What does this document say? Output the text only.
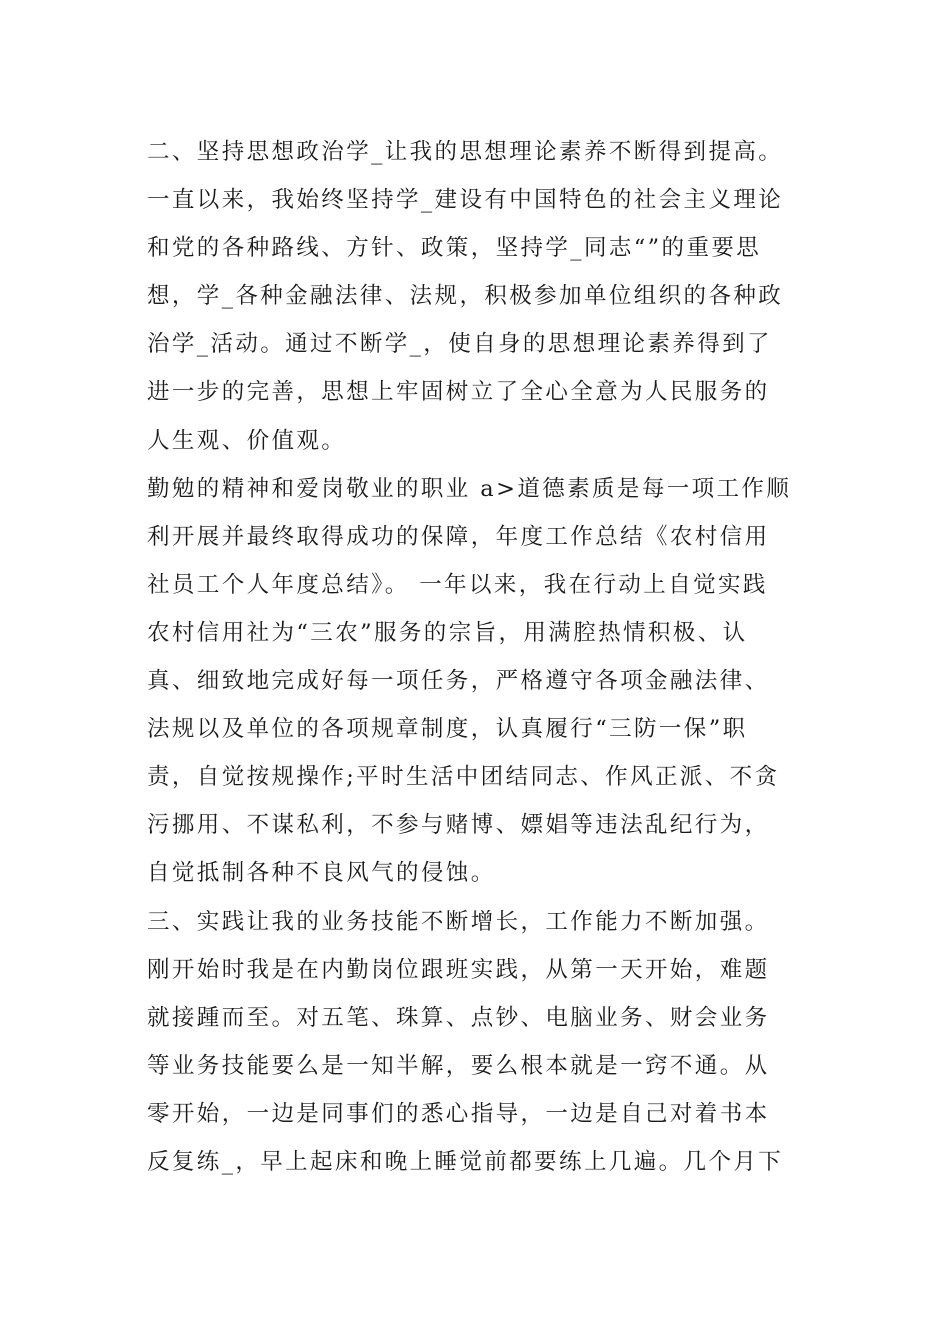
二、坚持思想政治学_让我的思想理论素养不断得到提高。
一直以来，我始终坚持学_建设有中国特色的社会主义理论
和党的各种路线、方针、政策，坚持学_同志“”的重要思
想，学_各种金融法律、法规，积极参加单位组织的各种政
治学_活动。通过不断学_，使自身的思想理论素养得到了
进一步的完善，思想上牢固树立了全心全意为人民服务的
人生观、价值观。
勤勉的精神和爱岗敬业的职业 a>道德素质是每一项工作顺
利开展并最终取得成功的保障，年度工作总结《农村信用
社员工个人年度总结》。 一年以来，我在行动上自觉实践
农村信用社为“三农”服务的宗旨，用满腔热情积极、认
真、细致地完成好每一项任务，严格遵守各项金融法律、
法规以及单位的各项规章制度，认真履行“三防一保”职
责，自觉按规操作;平时生活中团结同志、作风正派、不贪
污挪用、不谋私利，不参与赌博、嫖娼等违法乱纪行为，
自觉抵制各种不良风气的侵蚀。
三、实践让我的业务技能不断增长，工作能力不断加强。
刚开始时我是在内勤岗位跟班实践，从第一天开始，难题
就接踵而至。对五笔、珠算、点钞、电脑业务、财会业务
等业务技能要么是一知半解，要么根本就是一窍不通。从
零开始，一边是同事们的悉心指导，一边是自己对着书本
反复练_，早上起床和晚上睡觉前都要练上几遍。几个月下
